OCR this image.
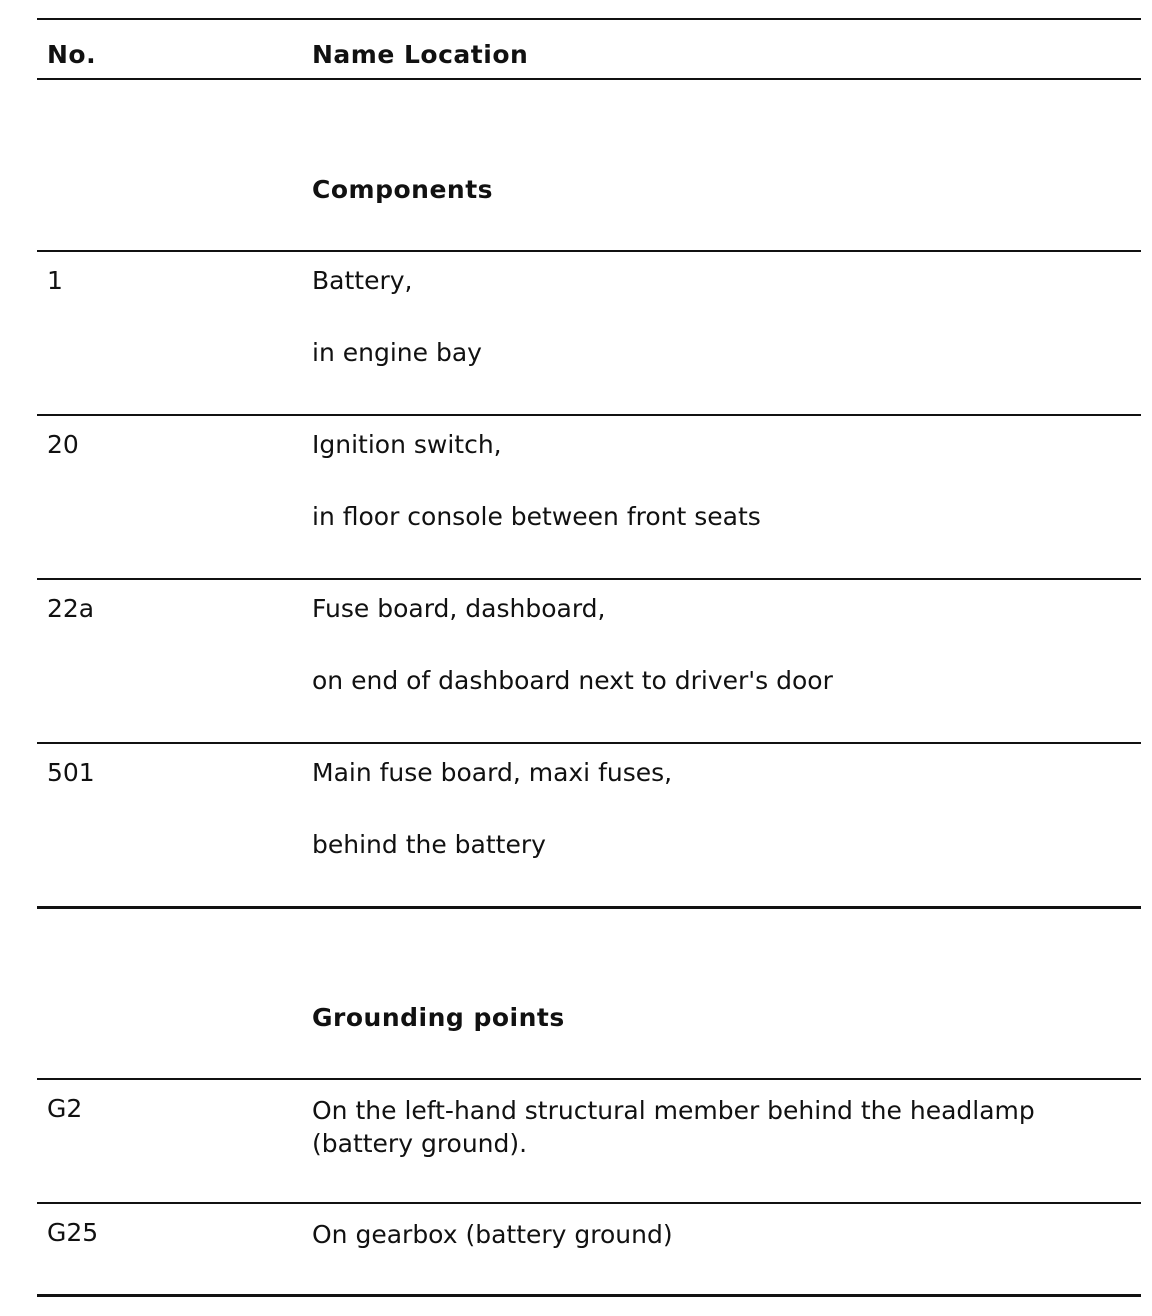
No.	Name Location
Components
1	Battery,
in engine bay
20	Ignition switch,
in floor console between front seats
22a	Fuse board, dashboard,
on end of dashboard next to driver's door
501	Main fuse board, maxi fuses,
behind the battery
Grounding points
G2	On the left-hand structural member behind the headlamp (battery ground).
G25	On gearbox (battery ground)
